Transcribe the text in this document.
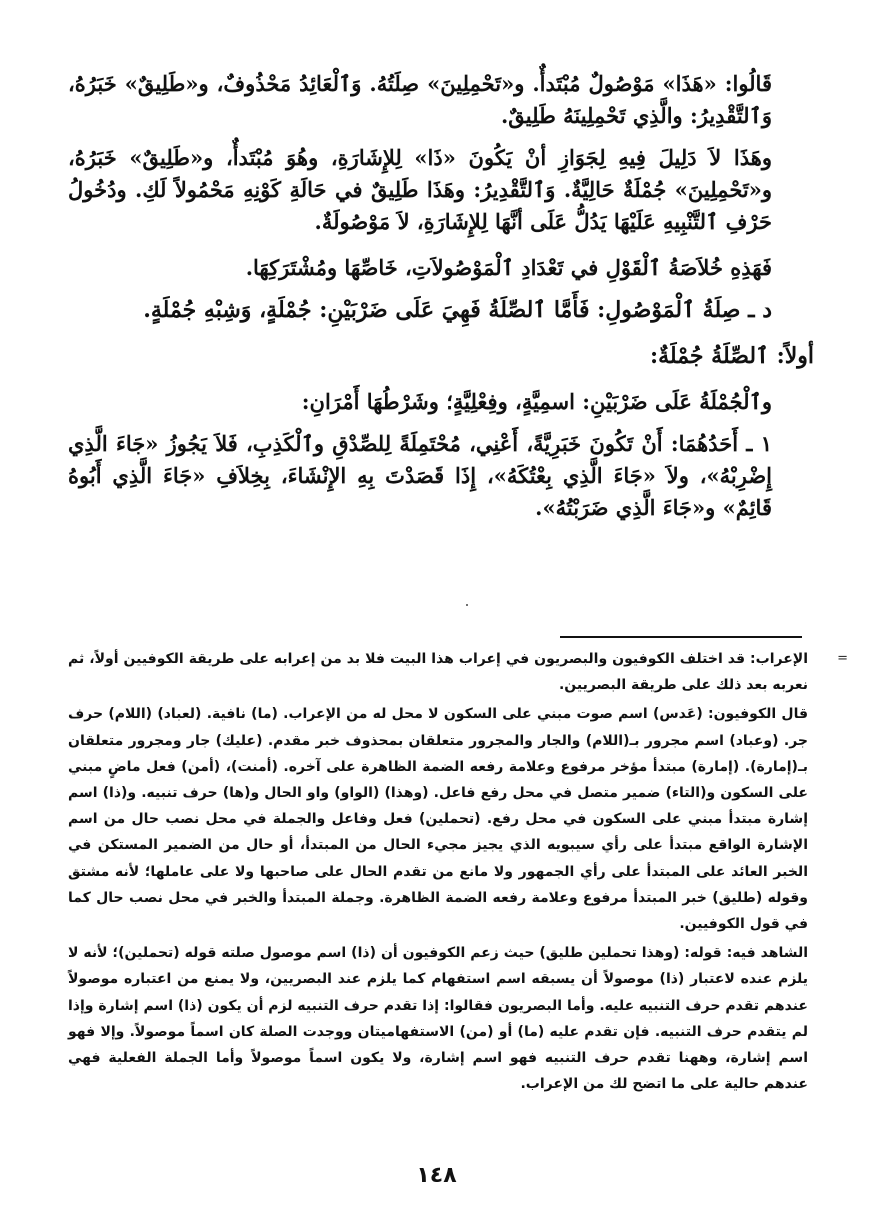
قَالُوا: «هَذَا» مَوْصُولٌ مُبْتَدأٌ. و«تَحْمِلِينَ» صِلَتُهُ. وَٱلْعَائِدُ مَحْذُوفٌ، و«طَلِيقٌ» خَبَرُهُ، وَٱلتَّقْدِيرُ: والَّذِي تَحْمِلِينَهُ طَلِيقٌ.

وهَذَا لاَ دَلِيلَ فِيهِ لِجَوَازِ أنْ يَكُونَ «ذَا» لِلإِشَارَةِ، وهُوَ مُبْتَدأٌ، و«طَلِيقٌ» خَبَرُهُ، و«تَحْمِلِينَ» جُمْلَةٌ حَالِيَّةٌ. وَٱلتَّقْدِيرُ: وهَذَا طَلِيقٌ في حَالَةِ كَوْنِهِ مَحْمُولاً لَكِ. ودُخُولُ حَرْفِ ٱلتَّنْبِيهِ عَلَيْهَا يَدُلُّ عَلَى أنَّهَا لِلإِشَارَةِ، لاَ مَوْصُولَةٌ.

فَهَذِهِ خُلاَصَةُ ٱلْقَوْلِ في تَعْدَادِ ٱلْمَوْصُولاَتِ، خَاصِّهَا ومُشْتَرَكِهَا.

د ـ صِلَةُ ٱلْمَوْصُولِ: فَأَمَّا ٱلصِّلَةُ فَهِيَ عَلَى ضَرْبَيْنِ: جُمْلَةٍ، وَشِبْهِ جُمْلَةٍ.

أولاً: ٱلصِّلَةُ جُمْلَةٌ:

وٱلْجُمْلَةُ عَلَى ضَرْبَيْنِ: اسمِيَّةٍ، وفِعْلِيَّةٍ؛ وشَرْطُهَا أَمْرَانِ:

١ ـ أَحَدُهُمَا: أَنْ تَكُونَ خَبَرِيَّةً، أَعْنِي، مُحْتَمِلَةً لِلصِّدْقِ وٱلْكَذِبِ، فَلاَ يَجُوزُ «جَاءَ الَّذِي إِضْرِبْهُ»، ولاَ «جَاءَ الَّذِي بِعْتُكَهُ»، إِذَا قَصَدْتَ بِهِ الإِنْشَاءَ، بِخِلاَفِ «جَاءَ الَّذِي أَبُوهُ قَائِمٌ» و«جَاءَ الَّذِي ضَرَبْتُهُ».

=

الإعراب: قد اختلف الكوفيون والبصريون في إعراب هذا البيت فلا بد من إعرابه على طريقة الكوفيين أولاً، ثم نعربه بعد ذلك على طريقة البصريين.

قال الكوفيون: (عَدس) اسم صوت مبني على السكون لا محل له من الإعراب. (ما) نافية. (لعباد) (اللام) حرف جر. (وعباد) اسم مجرور بـ(اللام) والجار والمجرور متعلقان بمحذوف خبر مقدم. (عليك) جار ومجرور متعلقان بـ(إمارة). (إمارة) مبتدأ مؤخر مرفوع وعلامة رفعه الضمة الظاهرة على آخره. (أمنت)، (أمن) فعل ماضٍ مبني على السكون و(التاء) ضمير متصل في محل رفع فاعل. (وهذا) (الواو) واو الحال و(ها) حرف تنبيه. و(ذا) اسم إشارة مبتدأ مبني على السكون في محل رفع. (تحملين) فعل وفاعل والجملة في محل نصب حال من اسم الإشارة الواقع مبتدأ على رأي سيبويه الذي يجيز مجيء الحال من المبتدأ، أو حال من الضمير المستكن في الخبر العائد على المبتدأ على رأي الجمهور ولا مانع من تقدم الحال على صاحبها ولا على عاملها؛ لأنه مشتق وقوله (طليق) خبر المبتدأ مرفوع وعلامة رفعه الضمة الظاهرة. وجملة المبتدأ والخبر في محل نصب حال كما في قول الكوفيين.

الشاهد فيه: قوله: (وهذا تحملين طليق) حيث زعم الكوفيون أن (ذا) اسم موصول صلته قوله (تحملين)؛ لأنه لا يلزم عنده لاعتبار (ذا) موصولاً أن يسبقه اسم استفهام كما يلزم عند البصريين، ولا يمنع من اعتباره موصولاً عندهم تقدم حرف التنبيه عليه. وأما البصريون فقالوا: إذا تقدم حرف التنبيه لزم أن يكون (ذا) اسم إشارة وإذا لم يتقدم حرف التنبيه. فإن تقدم عليه (ما) أو (من) الاستفهاميتان ووجدت الصلة كان اسماً موصولاً. وإلا فهو اسم إشارة، وههنا تقدم حرف التنبيه فهو اسم إشارة، ولا يكون اسماً موصولاً وأما الجملة الفعلية فهي عندهم حالية على ما اتضح لك من الإعراب.

١٤٨
